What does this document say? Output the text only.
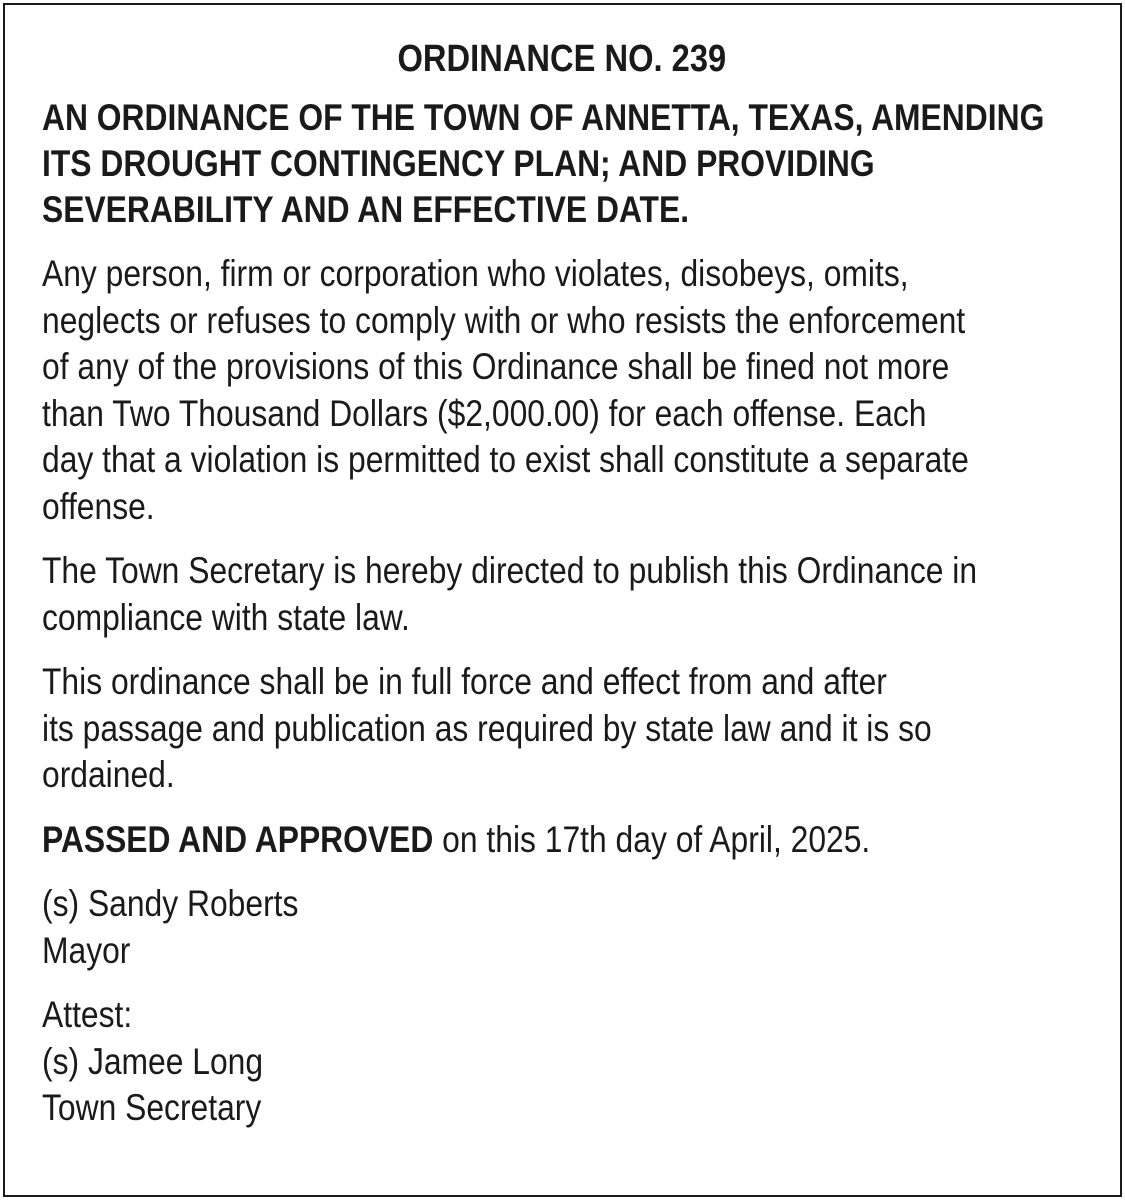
ORDINANCE NO. 239
AN ORDINANCE OF THE TOWN OF ANNETTA, TEXAS, AMENDING
ITS DROUGHT CONTINGENCY PLAN; AND PROVIDING
SEVERABILITY AND AN EFFECTIVE DATE.
Any person, firm or corporation who violates, disobeys, omits,
neglects or refuses to comply with or who resists the enforcement
of any of the provisions of this Ordinance shall be fined not more
than Two Thousand Dollars ($2,000.00) for each offense. Each
day that a violation is permitted to exist shall constitute a separate
offense.
The Town Secretary is hereby directed to publish this Ordinance in
compliance with state law.
This ordinance shall be in full force and effect from and after
its passage and publication as required by state law and it is so
ordained.
PASSED AND APPROVED on this 17th day of April, 2025.
(s) Sandy Roberts
Mayor
Attest:
(s) Jamee Long
Town Secretary
